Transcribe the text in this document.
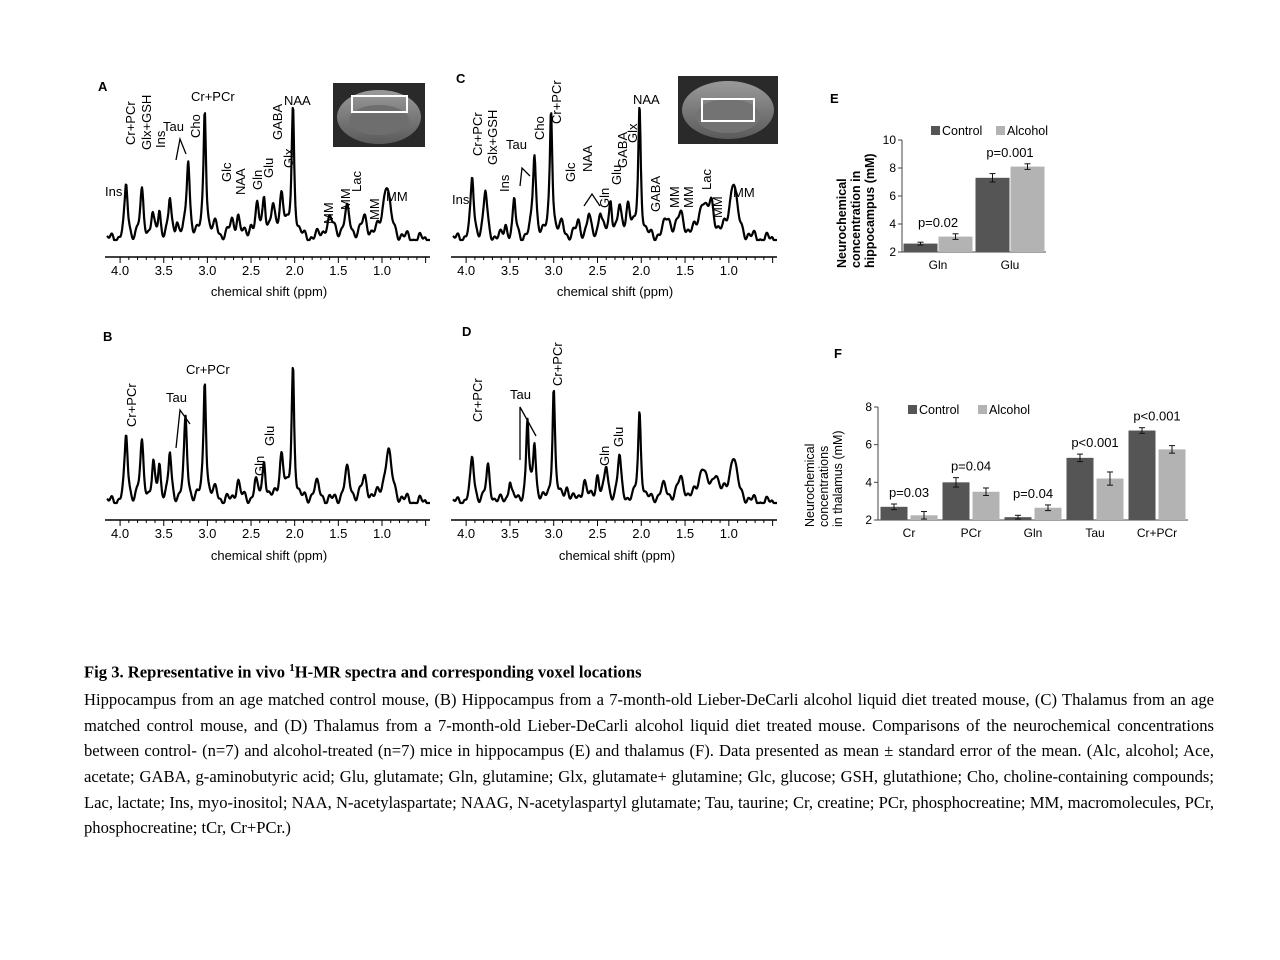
A
4.0 3.5 3.0 2.5 2.0 1.5 1.0
chemical shift (ppm)
Ins
Cr+PCr Glx+GSH Ins
Tau Cho
Cr+PCr
Glc NAA Gln
Glu
GABA
Glx
NAA
MM
MM
Lac
MM
MM
C
4.0 3.5 3.0 2.5 2.0 1.5 1.0
chemical shift (ppm)
Ins
Cr+PCr Glx+GSH
Ins
Tau
Cho
Cr+PCr
Glc
NAA
Gln
Glu
GABA
Glx
NAA
GABA MM MM MM
Lac
MM
B
4.0 3.5 3.0 2.5 2.0 1.5 1.0
chemical shift (ppm)
Cr+PCr Tau
Cr+PCr
Gln
Glu
D
4.0 3.5 3.0 2.5 2.0 1.5 1.0
chemical shift (ppm)
Cr+PCr Tau
Cr+PCr
Gln
Glu
E
Neurochemical concentration in hippocampus (mM)
Control Alcohol
2
4
6
8
10
p=0.02
Gln
p=0.001
Glu
F
Neurochemical concentrations in thalamus (mM)
Control Alcohol
2
4
6
8
p=0.03
Cr
p=0.04
PCr
p=0.04
Gln
p<0.001
Tau
p<0.001
Cr+PCr

Fig 3. Representative in vivo $^1$H-MR spectra and corresponding voxel locations

Hippocampus from an age matched control mouse, (B) Hippocampus from a 7-month-old Lieber-DeCarli alcohol liquid diet treated mouse, (C) Thalamus from an age matched control mouse, and (D) Thalamus from a 7-month-old Lieber-DeCarli alcohol liquid diet treated mouse. Comparisons of the neurochemical concentrations between control- (n=7) and alcohol-treated (n=7) mice in hippocampus (E) and thalamus (F). Data presented as mean ± standard error of the mean. (Alc, alcohol; Ace, acetate; GABA, g-aminobutyric acid; Glu, glutamate; Gln, glutamine; Glx, glutamate+ glutamine; Glc, glucose; GSH, glutathione; Cho, choline-containing compounds; Lac, lactate; Ins, myo-inositol; NAA, N-acetylaspartate; NAAG, N-acetylaspartyl glutamate; Tau, taurine; Cr, creatine; PCr, phosphocreatine; MM, macromolecules, PCr, phosphocreatine; tCr, Cr+PCr.)
